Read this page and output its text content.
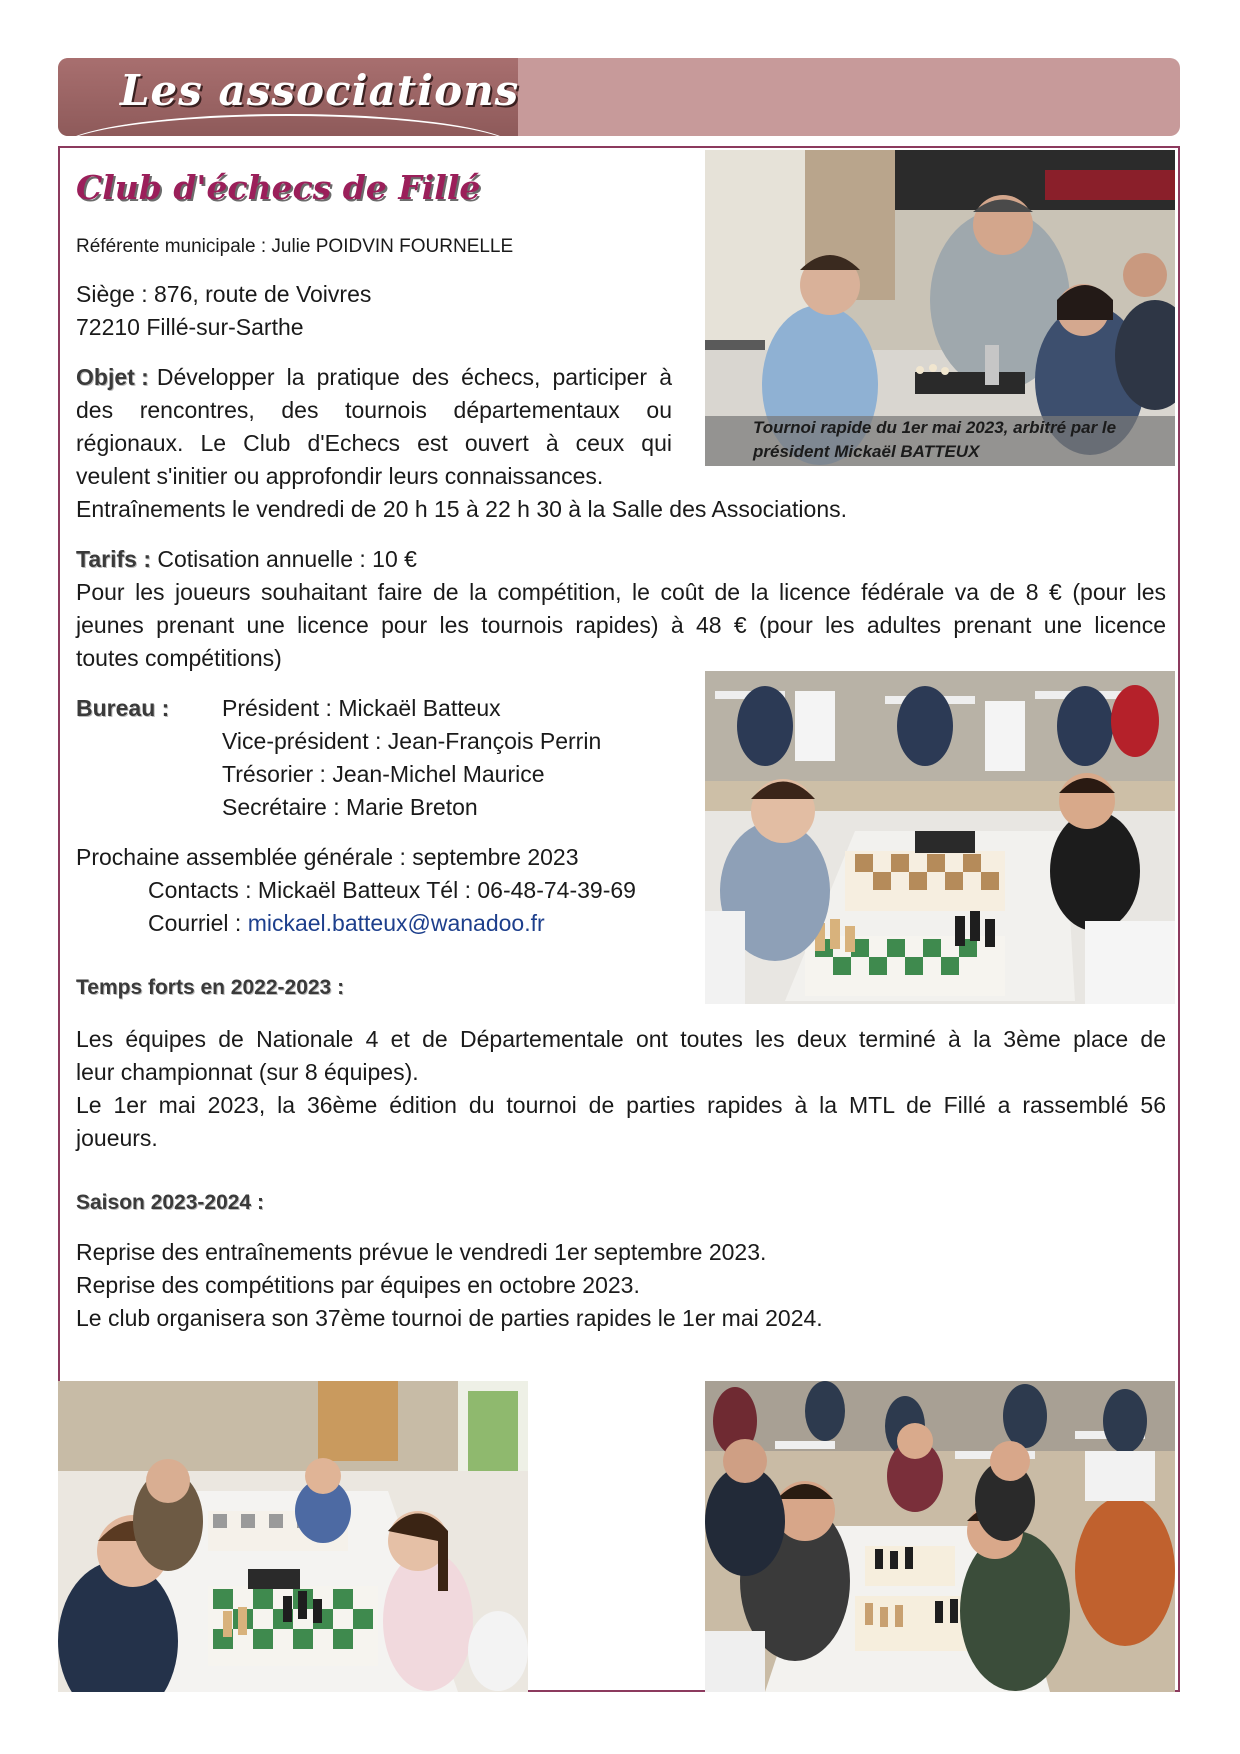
Les associations
Club d'échecs de Fillé
Référente municipale : Julie POIDVIN FOURNELLE
Siège : 876, route de Voivres
72210 Fillé-sur-Sarthe
Objet : Développer la pratique des échecs, participer à
des rencontres, des tournois départementaux ou
régionaux. Le Club d'Echecs est ouvert à ceux qui
veulent s'initier ou approfondir leurs connaissances.
Entraînements le vendredi de 20 h 15 à 22 h 30 à la Salle des Associations.
Tarifs : Cotisation annuelle : 10 €
Pour les joueurs souhaitant faire de la compétition, le coût de la licence fédérale va de 8 € (pour les
jeunes prenant une licence pour les tournois rapides) à 48 € (pour les adultes prenant une licence
toutes compétitions)
Bureau : Président : Mickaël Batteux
Vice-président : Jean-François Perrin
Trésorier : Jean-Michel Maurice
Secrétaire : Marie Breton
Prochaine assemblée générale : septembre 2023
Contacts : Mickaël Batteux Tél : 06-48-74-39-69
Courriel : mickael.batteux@wanadoo.fr
Temps forts en 2022-2023 :
Les équipes de Nationale 4 et de Départementale ont toutes les deux terminé à la 3ème place de
leur championnat (sur 8 équipes).
Le 1er mai 2023, la 36ème édition du tournoi de parties rapides à la MTL de Fillé a rassemblé 56
joueurs.
Saison 2023-2024 :
Reprise des entraînements prévue le vendredi 1er septembre 2023.
Reprise des compétitions par équipes en octobre 2023.
Le club organisera son 37ème tournoi de parties rapides le 1er mai 2024.
Tournoi rapide du 1er mai 2023, arbitré par le
président Mickaël BATTEUX
